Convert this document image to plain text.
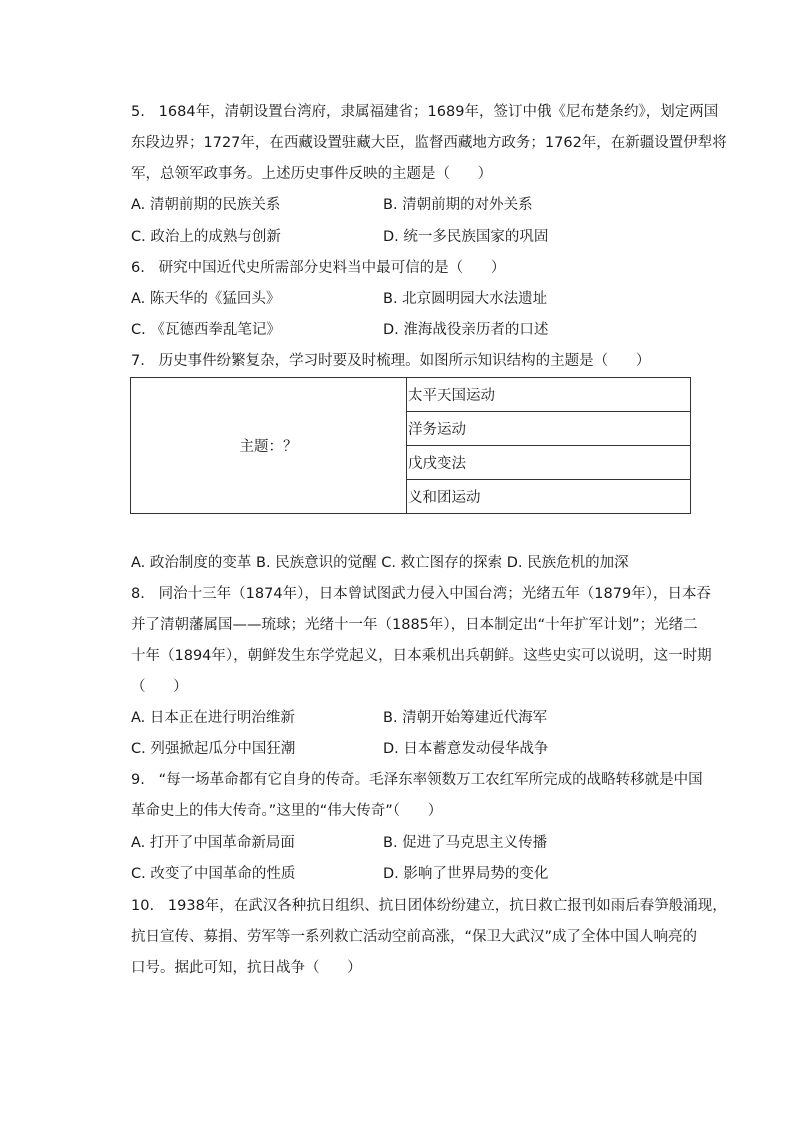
5.   1684年，清朝设置台湾府，隶属福建省；1689年，签订中俄《尼布楚条约》，划定两国
东段边界；1727年，在西藏设置驻藏大臣，监督西藏地方政务；1762年，在新疆设置伊犁将
军，总领军政事务。上述历史事件反映的主题是（      ）
A. 清朝前期的民族关系	B. 清朝前期的对外关系
C. 政治上的成熟与创新	D. 统一多民族国家的巩固
6.   研究中国近代史所需部分史料当中最可信的是（      ）
A. 陈天华的《猛回头》	B. 北京圆明园大水法遗址
C. 《瓦德西拳乱笔记》	D. 淮海战役亲历者的口述
7.   历史事件纷繁复杂，学习时要及时梳理。如图所示知识结构的主题是（      ）
主题：？	太平天国运动
洋务运动
戊戌变法
义和团运动
A. 政治制度的变革 B. 民族意识的觉醒 C. 救亡图存的探索 D. 民族危机的加深
8.   同治十三年（1874年），日本曾试图武力侵入中国台湾；光绪五年（1879年），日本吞
并了清朝藩属国——琉球；光绪十一年（1885年），日本制定出“十年扩军计划”；光绪二
十年（1894年），朝鲜发生东学党起义，日本乘机出兵朝鲜。这些史实可以说明，这一时期
（      ）
A. 日本正在进行明治维新	B. 清朝开始筹建近代海军
C. 列强掀起瓜分中国狂潮	D. 日本蓄意发动侵华战争
9.   “每一场革命都有它自身的传奇。毛泽东率领数万工农红军所完成的战略转移就是中国
革命史上的伟大传奇。”这里的“伟大传奇”（      ）
A. 打开了中国革命新局面	B. 促进了马克思主义传播
C. 改变了中国革命的性质	D. 影响了世界局势的变化
10.   1938年，在武汉各种抗日组织、抗日团体纷纷建立，抗日救亡报刊如雨后春笋般涌现，
抗日宣传、募捐、劳军等一系列救亡活动空前高涨，“保卫大武汉”成了全体中国人响亮的
口号。据此可知，抗日战争（      ）
